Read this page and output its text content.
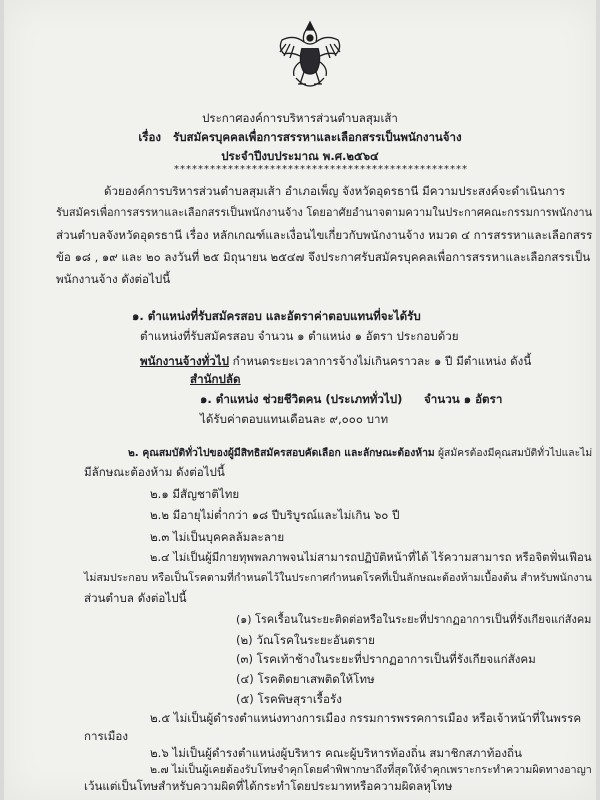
ประกาศองค์การบริหารส่วนตำบลสุมเส้า
เรื่อง รับสมัครบุคคลเพื่อการสรรหาและเลือกสรรเป็นพนักงานจ้าง
ประจำปีงบประมาณ พ.ศ.๒๕๖๔
*************************************************
ด้วยองค์การบริหารส่วนตำบลสุมเส้า อำเภอเพ็ญ จังหวัดอุดรธานี มีความประสงค์จะดำเนินการ
รับสมัครเพื่อการสรรหาและเลือกสรรเป็นพนักงานจ้าง โดยอาศัยอำนาจตามความในประกาศคณะกรรมการพนักงาน
ส่วนตำบลจังหวัดอุดรธานี เรื่อง หลักเกณฑ์และเงื่อนไขเกี่ยวกับพนักงานจ้าง หมวด ๔ การสรรหาและเลือกสรร
ข้อ ๑๘ , ๑๙ และ ๒๐ ลงวันที่ ๒๕ มิถุนายน ๒๕๔๗ จึงประกาศรับสมัครบุคคลเพื่อการสรรหาและเลือกสรรเป็น
พนักงานจ้าง ดังต่อไปนี้
๑. ตำแหน่งที่รับสมัครสอบ และอัตราค่าตอบแทนที่จะได้รับ
ตำแหน่งที่รับสมัครสอบ จำนวน ๑ ตำแหน่ง ๑ อัตรา ประกอบด้วย
พนักงานจ้างทั่วไป กำหนดระยะเวลาการจ้างไม่เกินคราวละ ๑ ปี มีตำแหน่ง ดังนี้
สำนักปลัด
๑. ตำแหน่ง ช่วยชีวิตคน (ประเภททั่วไป) จำนวน ๑ อัตรา
ได้รับค่าตอบแทนเดือนละ ๙,๐๐๐ บาท
๒. คุณสมบัติทั่วไปของผู้มีสิทธิสมัครสอบคัดเลือก และลักษณะต้องห้าม ผู้สมัครต้องมีคุณสมบัติทั่วไปและไม่
มีลักษณะต้องห้าม ดังต่อไปนี้
๒.๑ มีสัญชาติไทย
๒.๒ มีอายุไม่ต่ำกว่า ๑๘ ปีบริบูรณ์และไม่เกิน ๖๐ ปี
๒.๓ ไม่เป็นบุคคลล้มละลาย
๒.๔ ไม่เป็นผู้มีกายทุพพลภาพจนไม่สามารถปฏิบัติหน้าที่ได้ ไร้ความสามารถ หรือจิตฟั่นเฟือน
ไม่สมประกอบ หรือเป็นโรคตามที่กำหนดไว้ในประกาศกำหนดโรคที่เป็นลักษณะต้องห้ามเบื้องต้น สำหรับพนักงาน
ส่วนตำบล ดังต่อไปนี้
(๑) โรคเรื้อนในระยะติดต่อหรือในระยะที่ปรากฏอาการเป็นที่รังเกียจแก่สังคม
(๒) วัณโรคในระยะอันตราย
(๓) โรคเท้าช้างในระยะที่ปรากฏอาการเป็นที่รังเกียจแก่สังคม
(๔) โรคติดยาเสพติดให้โทษ
(๕) โรคพิษสุราเรื้อรัง
๒.๕ ไม่เป็นผู้ดำรงตำแหน่งทางการเมือง กรรมการพรรคการเมือง หรือเจ้าหน้าที่ในพรรค
การเมือง
๒.๖ ไม่เป็นผู้ดำรงตำแหน่งผู้บริหาร คณะผู้บริหารท้องถิ่น สมาชิกสภาท้องถิ่น
๒.๗ ไม่เป็นผู้เคยต้องรับโทษจำคุกโดยคำพิพากษาถึงที่สุดให้จำคุกเพราะกระทำความผิดทางอาญา
เว้นแต่เป็นโทษสำหรับความผิดที่ได้กระทำโดยประมาทหรือความผิดลหุโทษ
